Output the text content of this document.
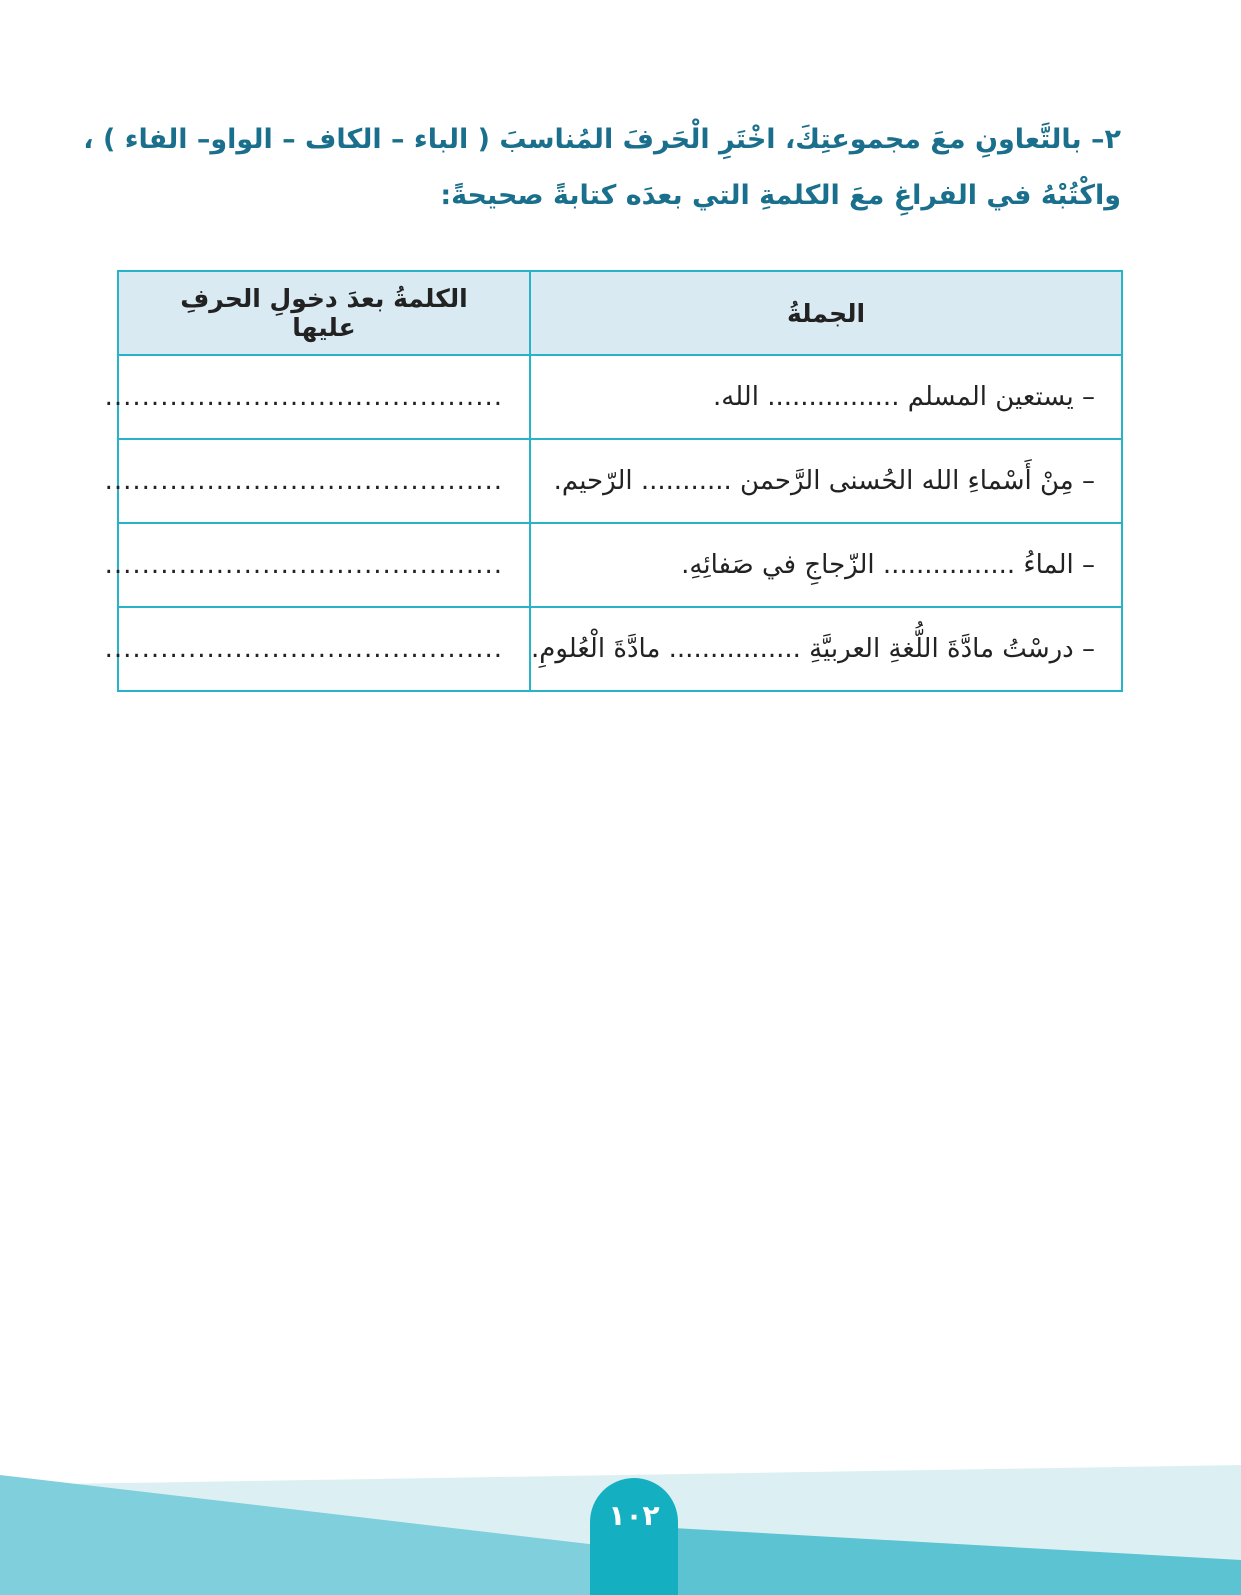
٢– بالتَّعاونِ معَ مجموعتِكَ، اخْتَرِ الْحَرفَ المُناسبَ ( الباء – الكاف – الواو– الفاء ) ،

واكْتُبْهُ في الفراغِ معَ الكلمةِ التي بعدَه كتابةً صحيحةً:

الجملةُ	الكلمةُ بعدَ دخولِ الحرفِ عليها
– يستعين المسلم ................ الله.	...........................................
– مِنْ أَسْماءِ الله الحُسنى الرَّحمن ........... الرّحيم.	...........................................
– الماءُ ................ الزّجاجِ في صَفائِهِ.	...........................................
– درسْتُ مادَّةَ اللُّغةِ العربيَّةِ ................ مادَّةَ الْعُلومِ.	...........................................
١٠٢
